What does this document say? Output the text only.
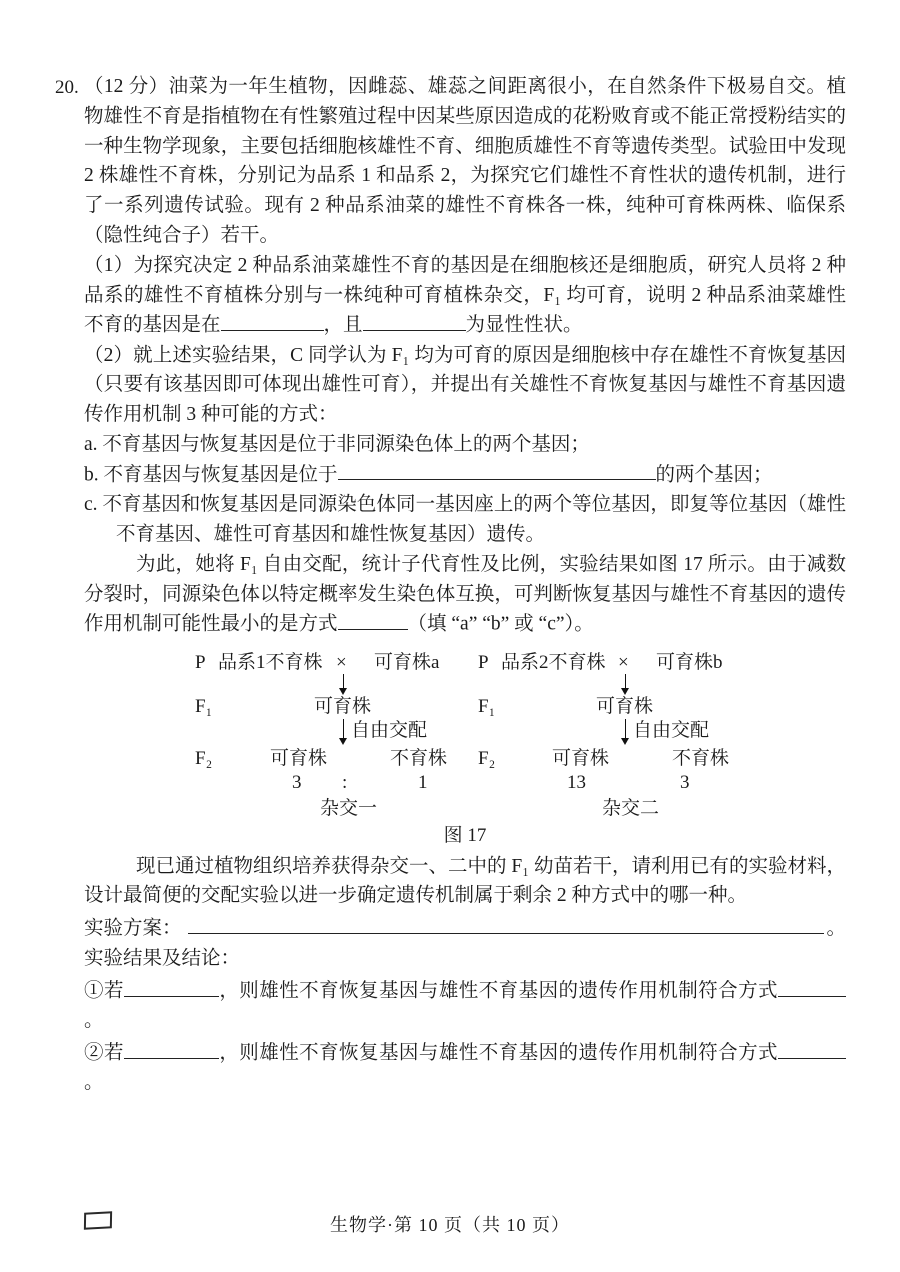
20. （12 分）油菜为一年生植物，因雌蕊、雄蕊之间距离很小，在自然条件下极易自交。植物雄性不育是指植物在有性繁殖过程中因某些原因造成的花粉败育或不能正常授粉结实的一种生物学现象，主要包括细胞核雄性不育、细胞质雄性不育等遗传类型。试验田中发现 2 株雄性不育株，分别记为品系 1 和品系 2，为探究它们雄性不育性状的遗传机制，进行了一系列遗传试验。现有 2 种品系油菜的雄性不育株各一株，纯种可育株两株、临保系（隐性纯合子）若干。

（1）为探究决定 2 种品系油菜雄性不育的基因是在细胞核还是细胞质，研究人员将 2 种品系的雄性不育植株分别与一株纯种可育植株杂交，F₁ 均可育，说明 2 种品系油菜雄性不育的基因是在	，且	为显性性状。

（2）就上述实验结果，C 同学认为 F₁ 均为可育的原因是细胞核中存在雄性不育恢复基因（只要有该基因即可体现出雄性可育），并提出有关雄性不育恢复基因与雄性不育基因遗传作用机制 3 种可能的方式：

a. 不育基因与恢复基因是位于非同源染色体上的两个基因；

b. 不育基因与恢复基因是位于	的两个基因；

c. 不育基因和恢复基因是同源染色体同一基因座上的两个等位基因，即复等位基因（雄性不育基因、雄性可育基因和雄性恢复基因）遗传。

为此，她将 F₁ 自由交配，统计子代育性及比例，实验结果如图 17 所示。由于减数分裂时，同源染色体以特定概率发生染色体互换，可判断恢复基因与雄性不育基因的遗传作用机制可能性最小的是方式	（填 “a” “b” 或 “c”）。

P 品系1不育株 × 可育株a
F₁	可育株
自由交配
F₂	可育株	不育株
3 :	1
杂交一
P 品系2不育株 × 可育株b
F₁	可育株
自由交配
F₂	可育株	不育株
13	3
杂交二
图 17

现已通过植物组织培养获得杂交一、二中的 F₁ 幼苗若干，请利用已有的实验材料，设计最简便的交配实验以进一步确定遗传机制属于剩余 2 种方式中的哪一种。

实验方案：	。

实验结果及结论：

①若	，则雄性不育恢复基因与雄性不育基因的遗传作用机制符合方式。

②若	，则雄性不育恢复基因与雄性不育基因的遗传作用机制符合方式。

生物学·第 10 页（共 10 页）
